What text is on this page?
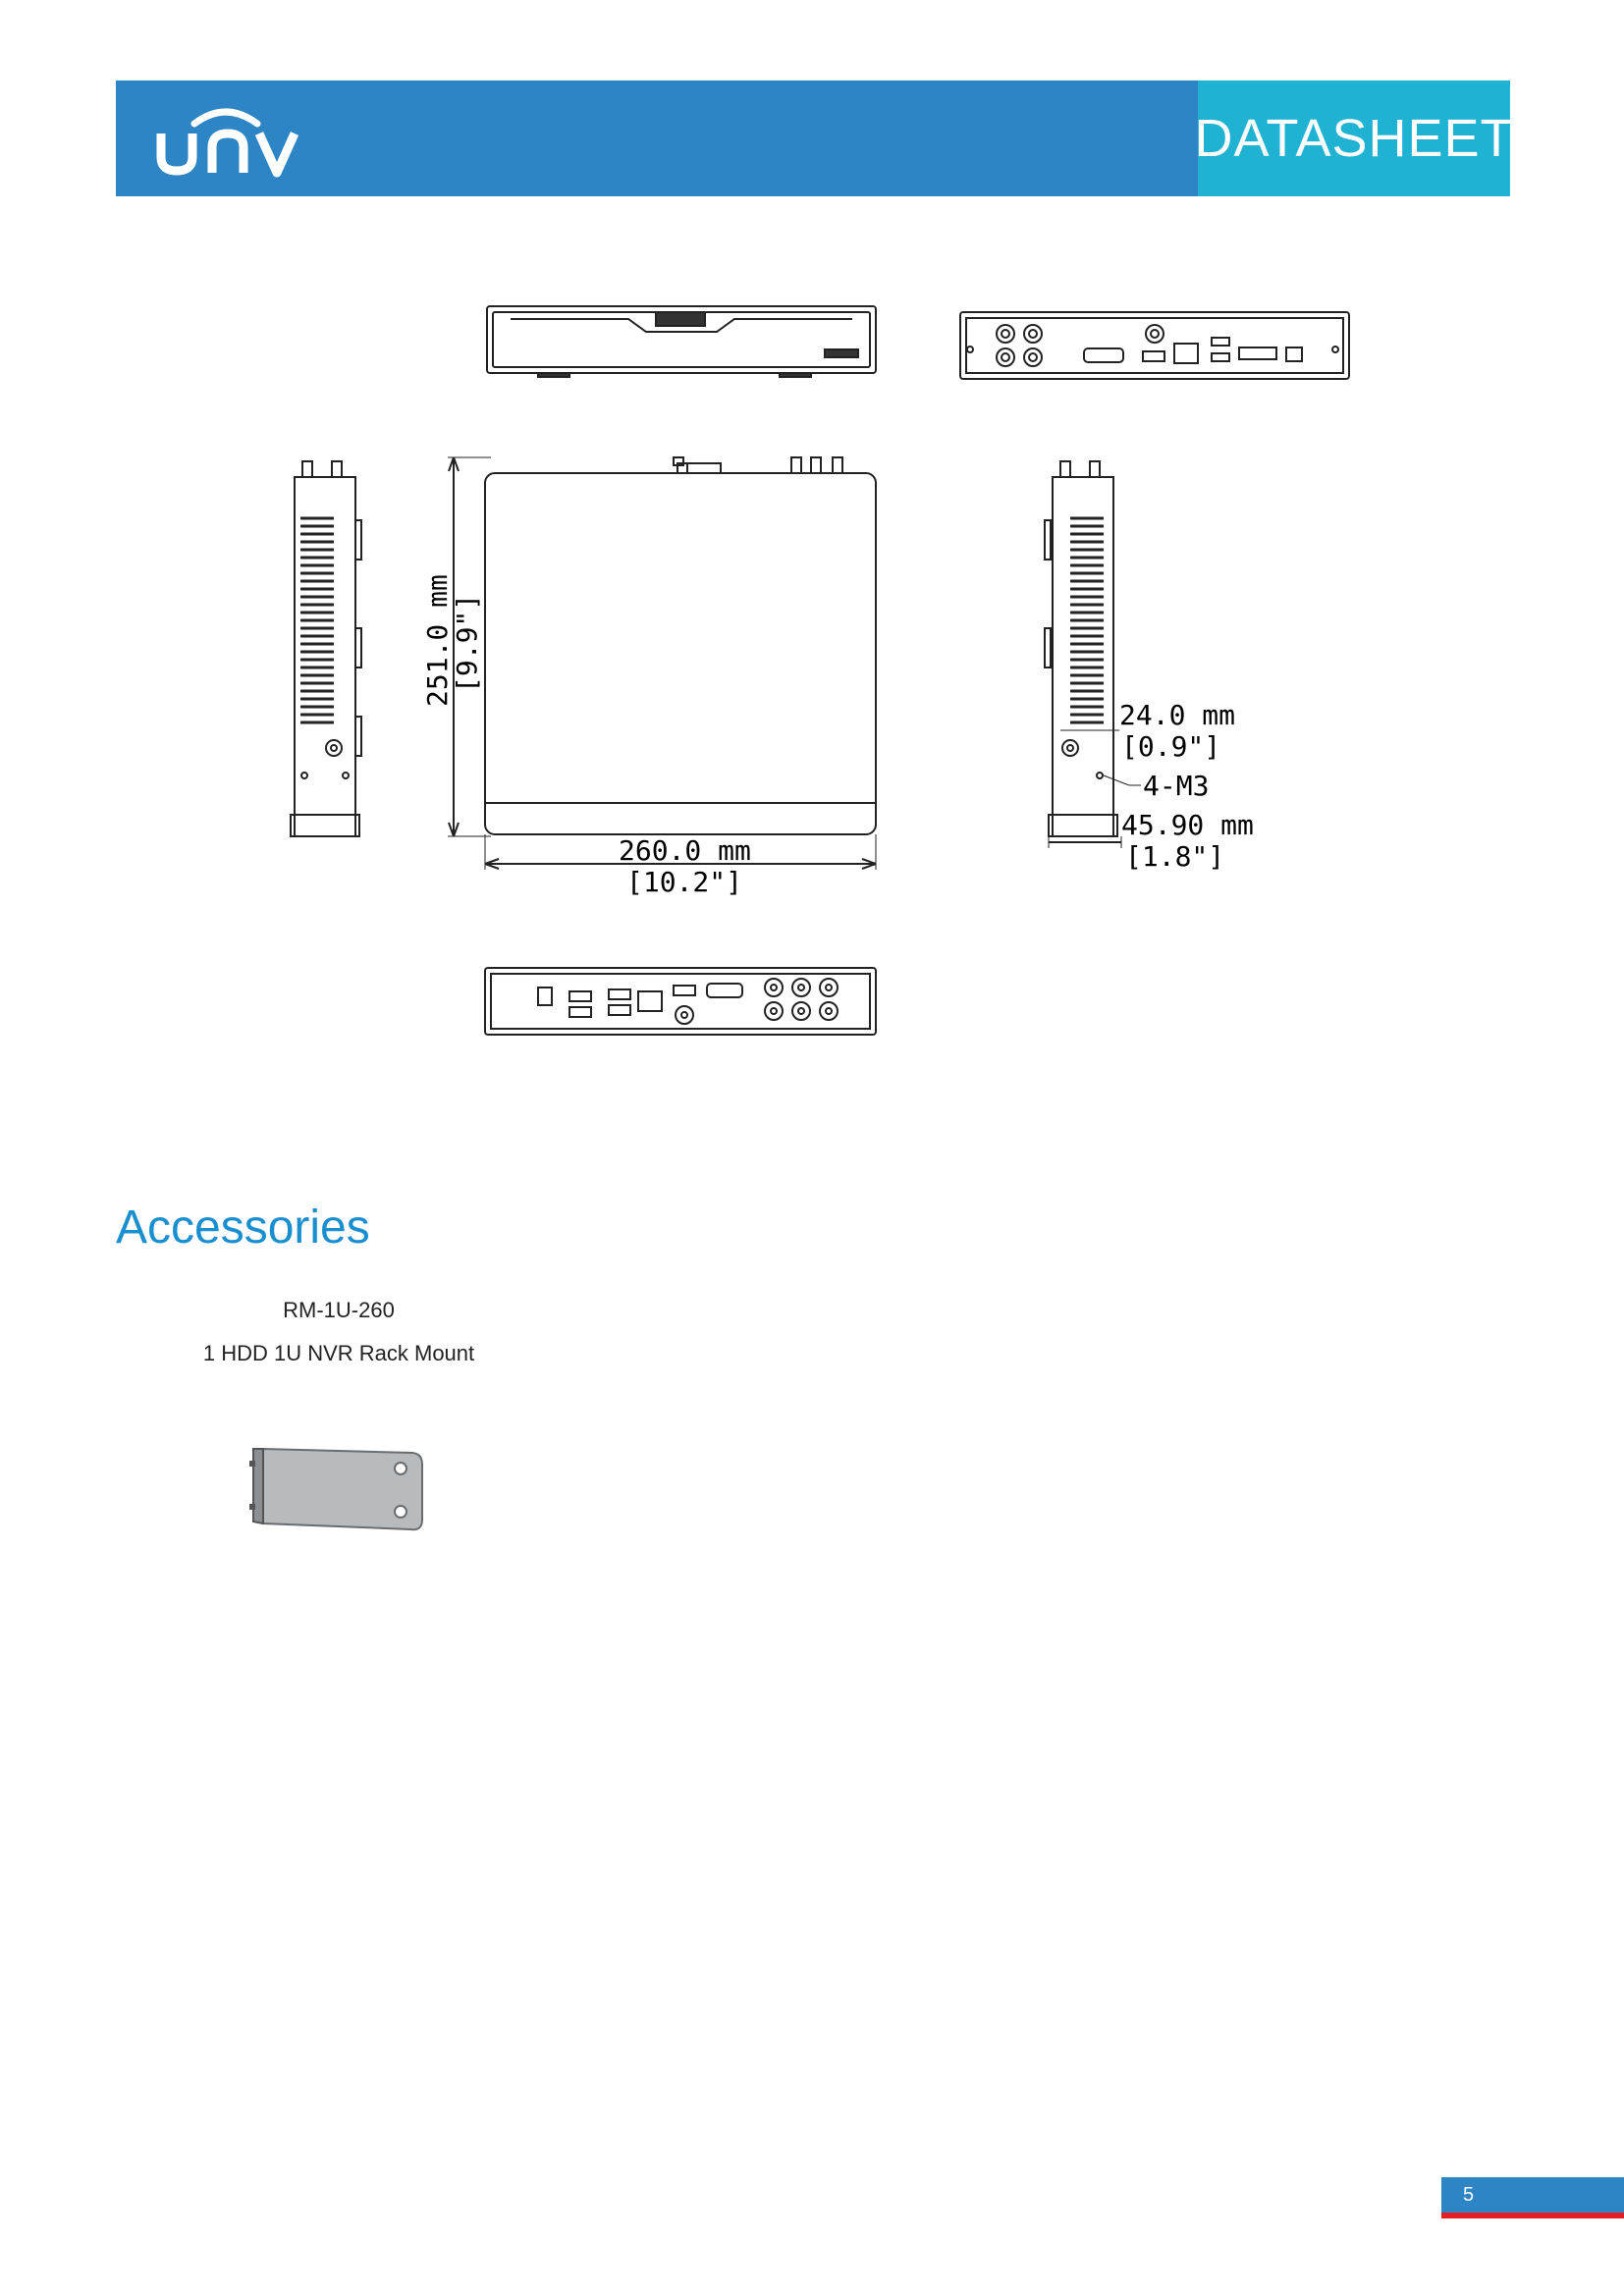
DATASHEET
251.0 mm
[9.9"]
260.0 mm
[10.2"]
24.0 mm
[0.9"]
4-M3
45.90 mm
[1.8"]
Accessories
RM-1U-260
1 HDD 1U NVR Rack Mount
5
